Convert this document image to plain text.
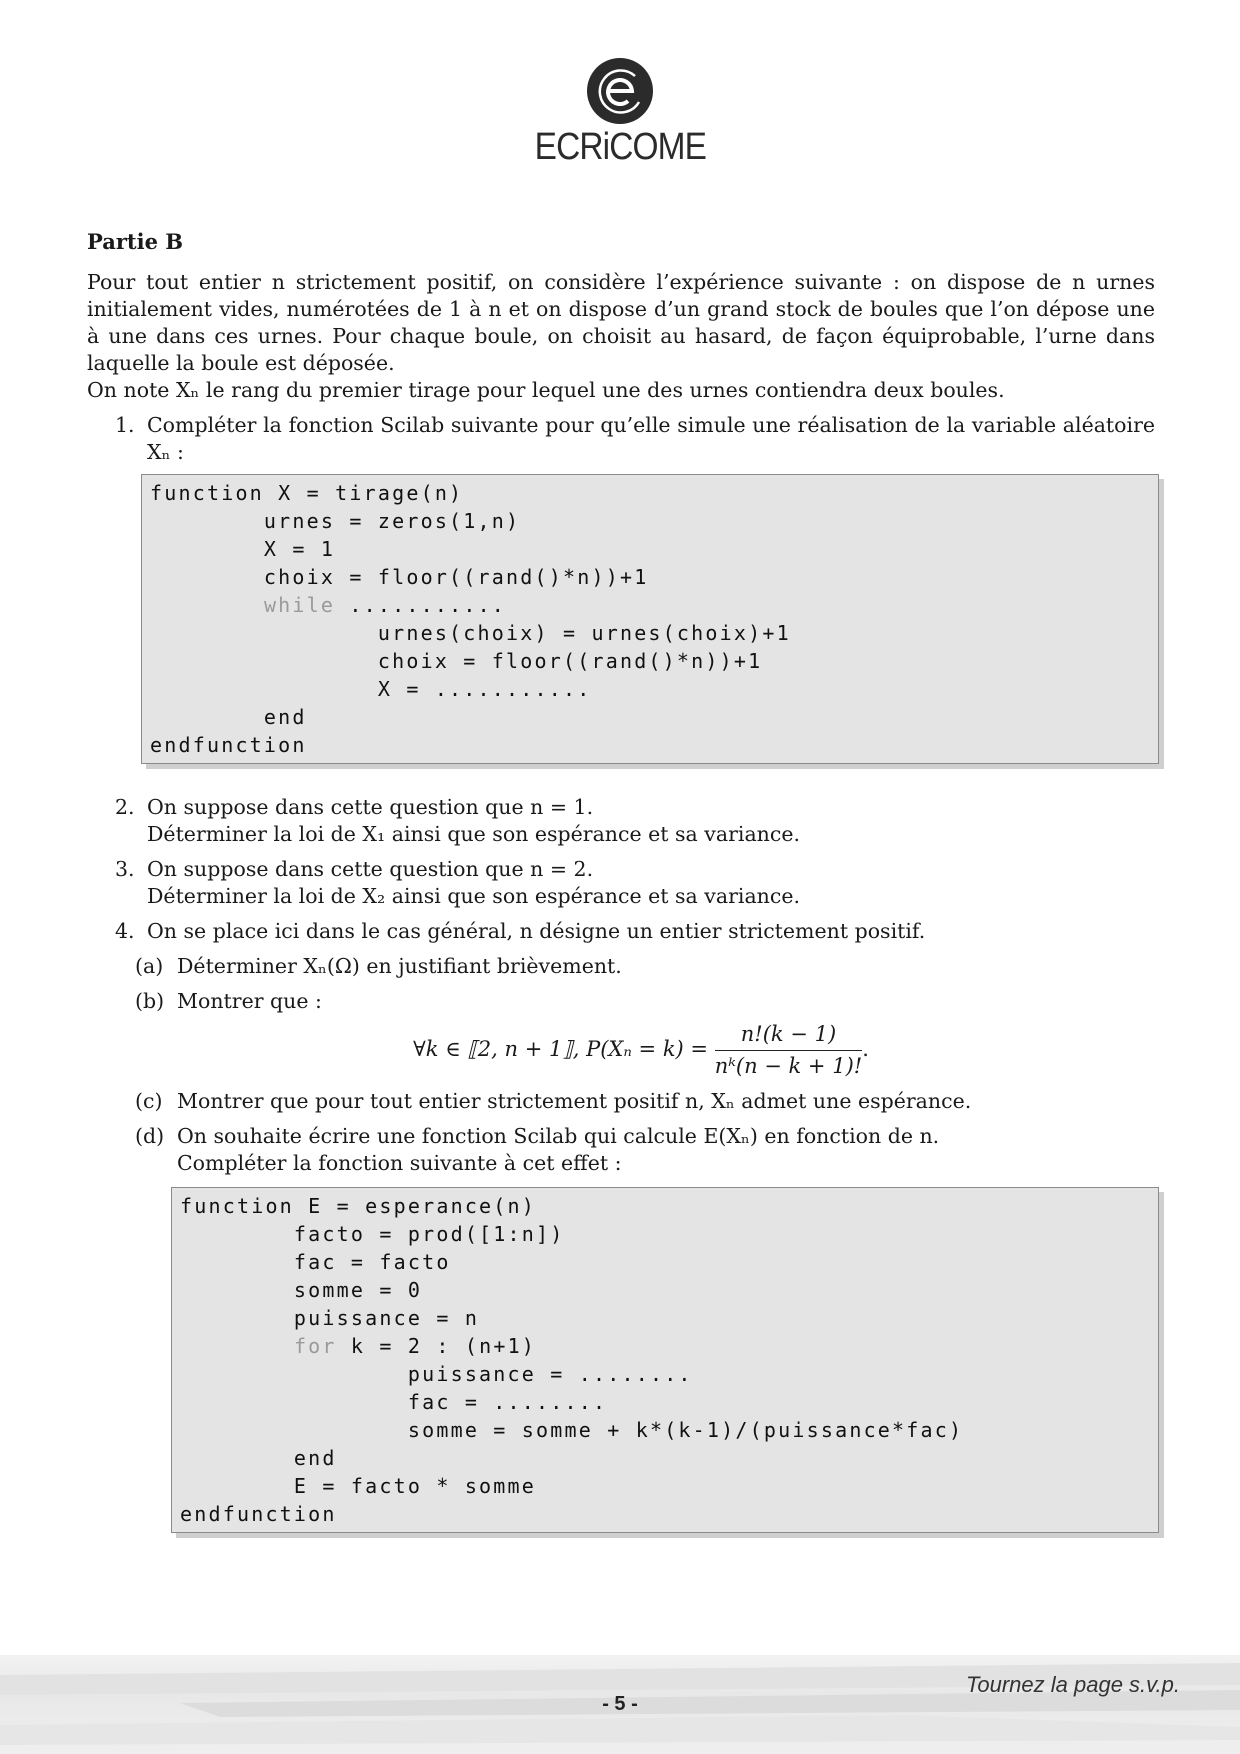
ECRiCOME
Partie B

Pour tout entier n strictement positif, on considère l’expérience suivante : on dispose de n urnes initialement vides, numérotées de 1 à n et on dispose d’un grand stock de boules que l’on dépose une à une dans ces urnes. Pour chaque boule, on choisit au hasard, de façon équiprobable, l’urne dans laquelle la boule est déposée.

On note Xₙ le rang du premier tirage pour lequel une des urnes contiendra deux boules.

1. Compléter la fonction Scilab suivante pour qu’elle simule une réalisation de la variable aléatoire Xₙ :
function X = tirage(n)
urnes = zeros(1,n)
X = 1
choix = floor((rand()*n))+1
while ...........
urnes(choix) = urnes(choix)+1
choix = floor((rand()*n))+1
X = ...........
end
endfunction
2. On suppose dans cette question que n = 1.
Déterminer la loi de X₁ ainsi que son espérance et sa variance.
3. On suppose dans cette question que n = 2.
Déterminer la loi de X₂ ainsi que son espérance et sa variance.
4. On se place ici dans le cas général, n désigne un entier strictement positif.
(a) Déterminer Xₙ(Ω) en justifiant brièvement.
(b) Montrer que :
∀k ∈ ⟦2, n + 1⟧, $P(X_n = k) = \frac{n!(k - 1)}{\text{nᵏ(n − k + 1)!}}$ .
(c) Montrer que pour tout entier strictement positif n, Xₙ admet une espérance.
(d) On souhaite écrire une fonction Scilab qui calcule E(Xₙ) en fonction de n.
Compléter la fonction suivante à cet effet :
function E = esperance(n)
facto = prod([1:n])
fac = facto
somme = 0
puissance = n
for k = 2 : (n+1)
puissance = ........
fac = ........
somme = somme + k*(k-1)/(puissance*fac)
end
E = facto * somme
endfunction
Tournez la page s.v.p.
- 5 -
